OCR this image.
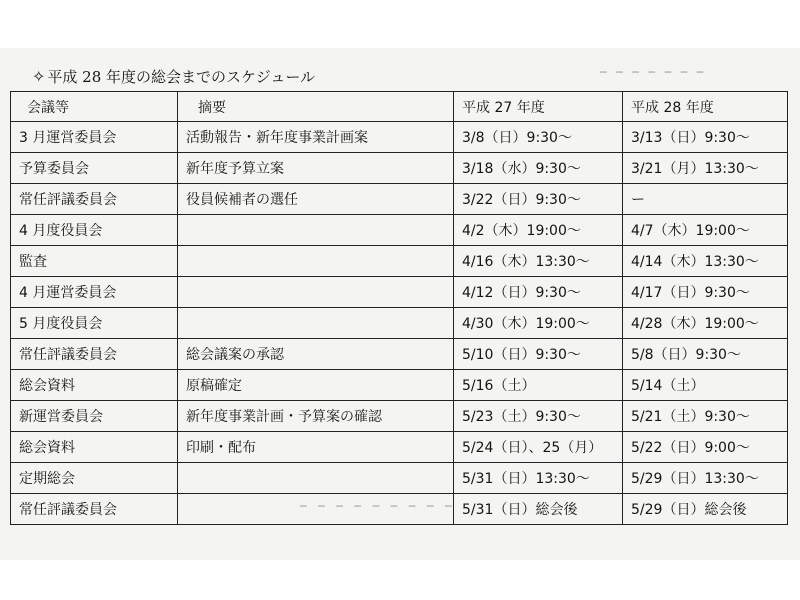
━ ━ ━ ━ ━ ━ ━
━ ━ ━ ━ ━ ━ ━ ━ ━
✧ 平成 28 年度の総会までのスケジュール
会議等	摘要	平成 27 年度	平成 28 年度
3 月運営委員会	活動報告・新年度事業計画案	3/8（日）9:30～	3/13（日）9:30～
予算委員会	新年度予算立案	3/18（水）9:30～	3/21（月）13:30～
常任評議委員会	役員候補者の選任	3/22（日）9:30～	ー
4 月度役員会		4/2（木）19:00～	4/7（木）19:00～
監査		4/16（木）13:30～	4/14（木）13:30～
4 月運営委員会		4/12（日）9:30～	4/17（日）9:30～
5 月度役員会		4/30（木）19:00～	4/28（木）19:00～
常任評議委員会	総会議案の承認	5/10（日）9:30～	5/8（日）9:30～
総会資料	原稿確定	5/16（土）	5/14（土）
新運営委員会	新年度事業計画・予算案の確認	5/23（土）9:30～	5/21（土）9:30～
総会資料	印刷・配布	5/24（日）、25（月）	5/22（日）9:00～
定期総会		5/31（日）13:30～	5/29（日）13:30～
常任評議委員会		5/31（日）総会後	5/29（日）総会後
